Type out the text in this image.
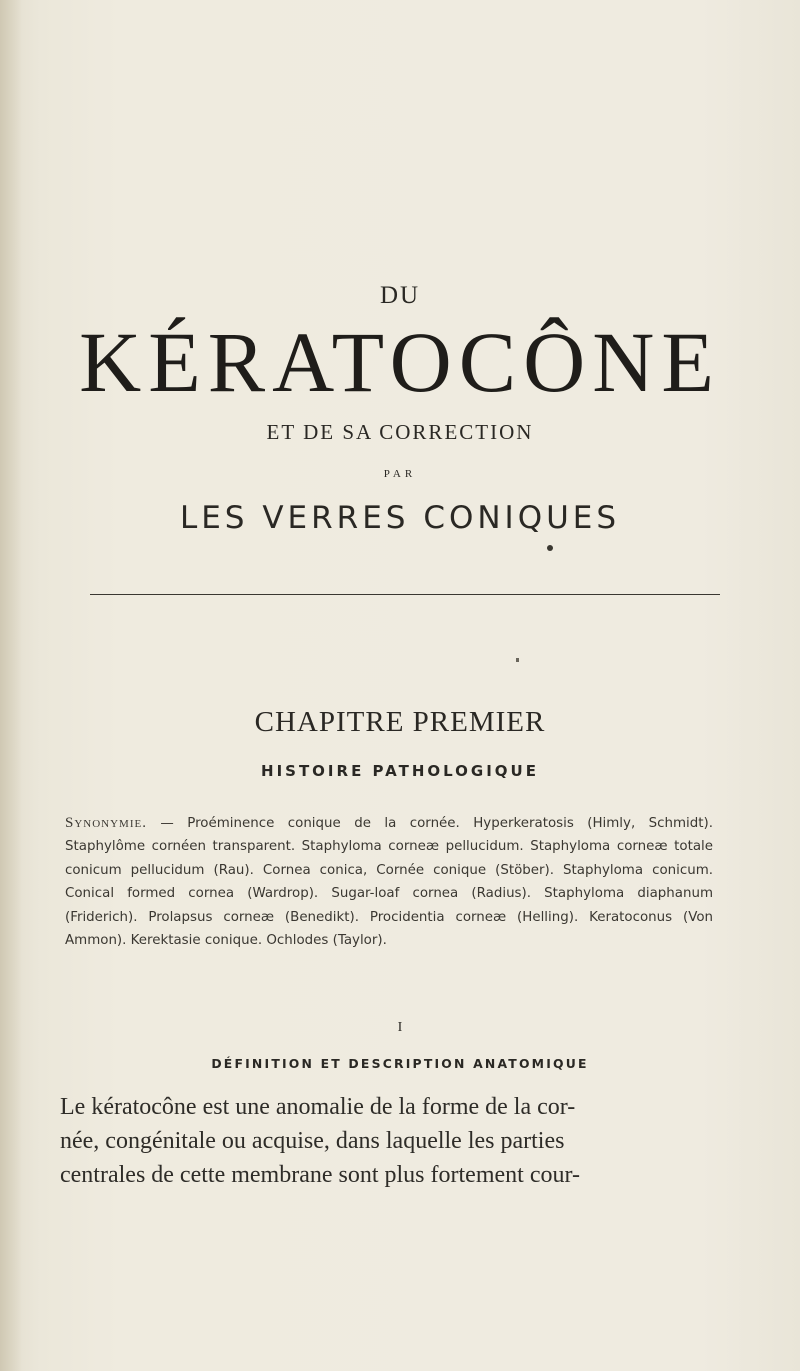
DU
KÉRATOCÔNE
ET DE SA CORRECTION
PAR
LES VERRES CONIQUES
CHAPITRE PREMIER
HISTOIRE PATHOLOGIQUE
Synonymie. — Proéminence conique de la cornée. Hyperkeratosis (Himly, Schmidt). Staphylôme cornéen transparent. Staphyloma corneæ pellucidum. Staphyloma corneæ totale conicum pellucidum (Rau). Cornea conica, Cornée conique (Stöber). Staphyloma conicum. Conical formed cornea (Wardrop). Sugar-loaf cornea (Radius). Staphyloma diaphanum (Friderich). Prolapsus corneæ (Benedikt). Procidentia corneæ (Helling). Keratoconus (Von Ammon). Kerektasie conique. Ochlodes (Taylor).
I
DÉFINITION ET DESCRIPTION ANATOMIQUE
Le kératocône est une anomalie de la forme de la cor-
née, congénitale ou acquise, dans laquelle les parties
centrales de cette membrane sont plus fortement cour-
